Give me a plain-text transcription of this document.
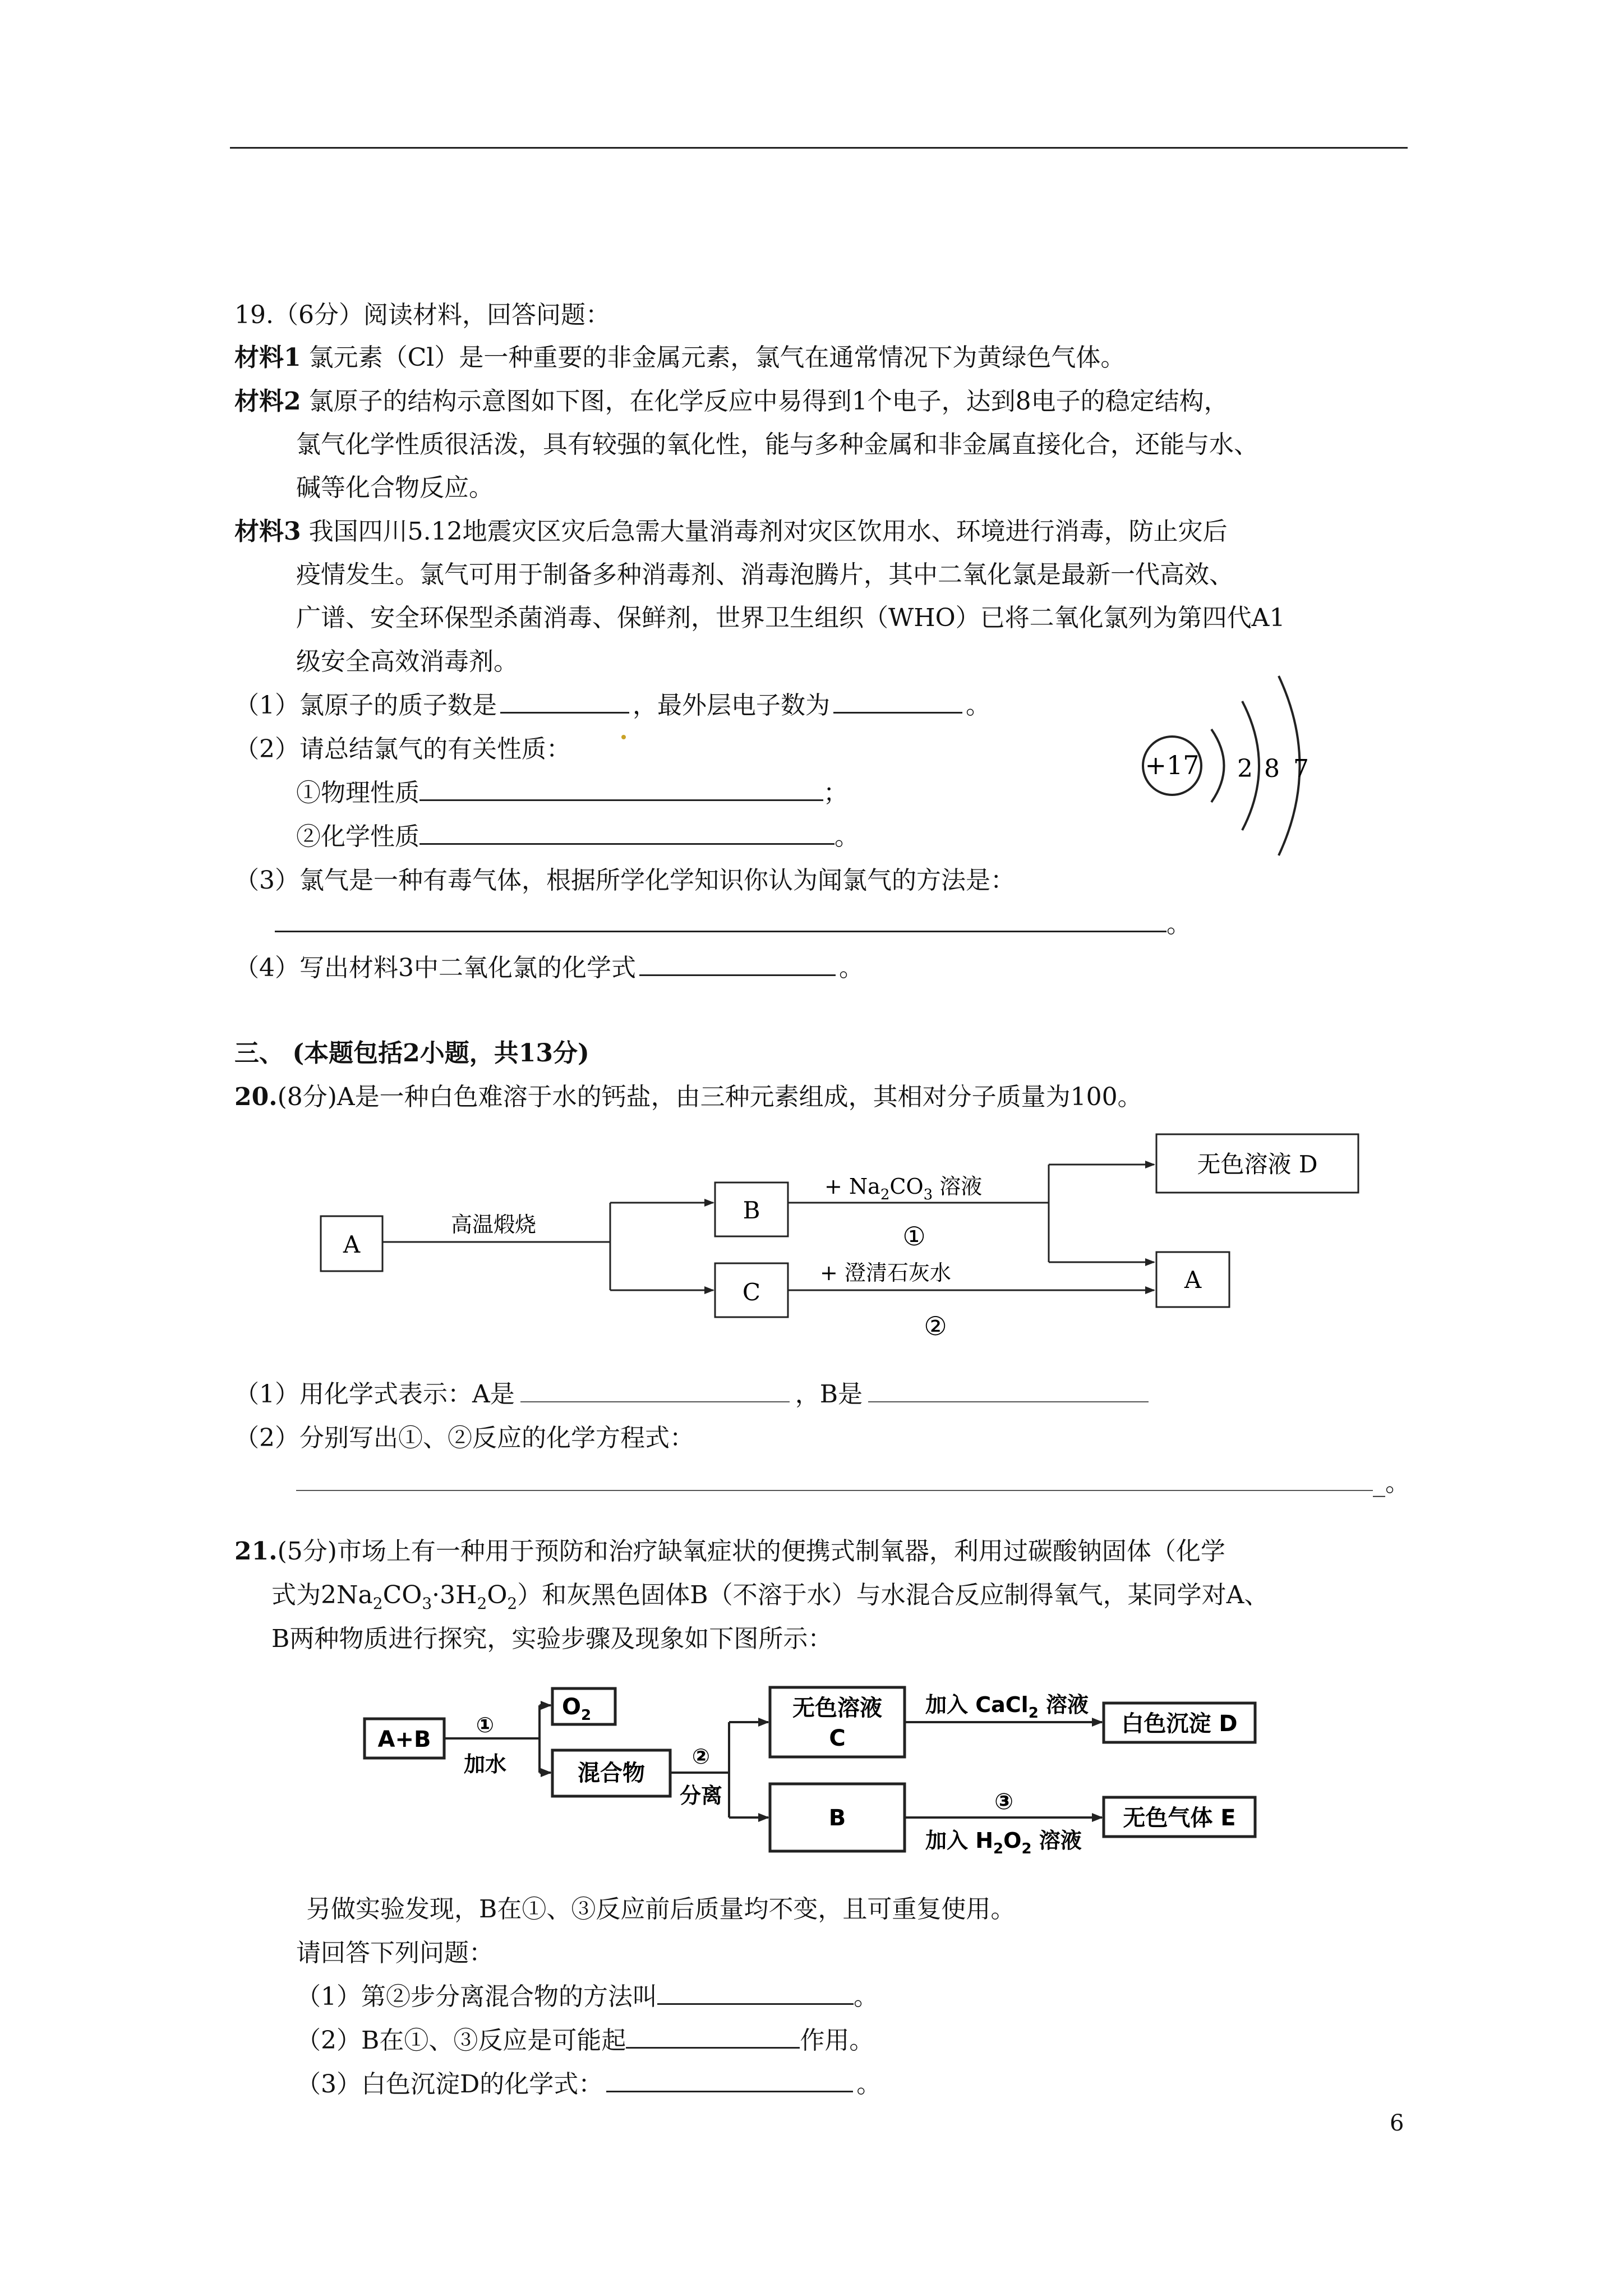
19.（6分）阅读材料，回答问题：
材料1 氯元素（Cl）是一种重要的非金属元素，氯气在通常情况下为黄绿色气体。
材料2 氯原子的结构示意图如下图，在化学反应中易得到1个电子，达到8电子的稳定结构，
氯气化学性质很活泼，具有较强的氧化性，能与多种金属和非金属直接化合，还能与水、
碱等化合物反应。
材料3 我国四川5.12地震灾区灾后急需大量消毒剂对灾区饮用水、环境进行消毒，防止灾后
疫情发生。氯气可用于制备多种消毒剂、消毒泡腾片，其中二氧化氯是最新一代高效、
广谱、安全环保型杀菌消毒、保鲜剂，世界卫生组织（WHO）已将二氧化氯列为第四代A1
级安全高效消毒剂。
（1）氯原子的质子数是	，最外层电子数为	。
（2）请总结氯气的有关性质：
①物理性质	；
②化学性质	。
（3）氯气是一种有毒气体，根据所学化学知识你认为闻氯气的方法是：
。
（4）写出材料3中二氧化氯的化学式	。
+17 2 8 7
三、 (本题包括2小题，共13分)
20.(8分)A是一种白色难溶于水的钙盐，由三种元素组成，其相对分子质量为100。
A
高温煅烧
B
C
+ $Na_2CO_3$ 溶液
①
无色溶液 D
+ 澄清石灰水
②
A
（1）用化学式表示：A是	，B是
（2）分别写出①、②反应的化学方程式：
_。
21.(5分)市场上有一种用于预防和治疗缺氧症状的便携式制氧器，利用过碳酸钠固体（化学
式为$2Na_2CO_3\cdot 3H_2O_2$）和灰黑色固体B（不溶于水）与水混合反应制得氧气，某同学对A、
B两种物质进行探究，实验步骤及现象如下图所示：
A+B
①
加水
$O_2$
混合物
②
分离
无色溶液
C
B
加入 CaCl$_2$ 溶液
白色沉淀 D
③
加入 $H_2O_2$ 溶液
无色气体 E
另做实验发现，B在①、③反应前后质量均不变，且可重复使用。
请回答下列问题：
（1）第②步分离混合物的方法叫	。
（2）B在①、③反应是可能起	作用。
（3）白色沉淀D的化学式：	。
6
